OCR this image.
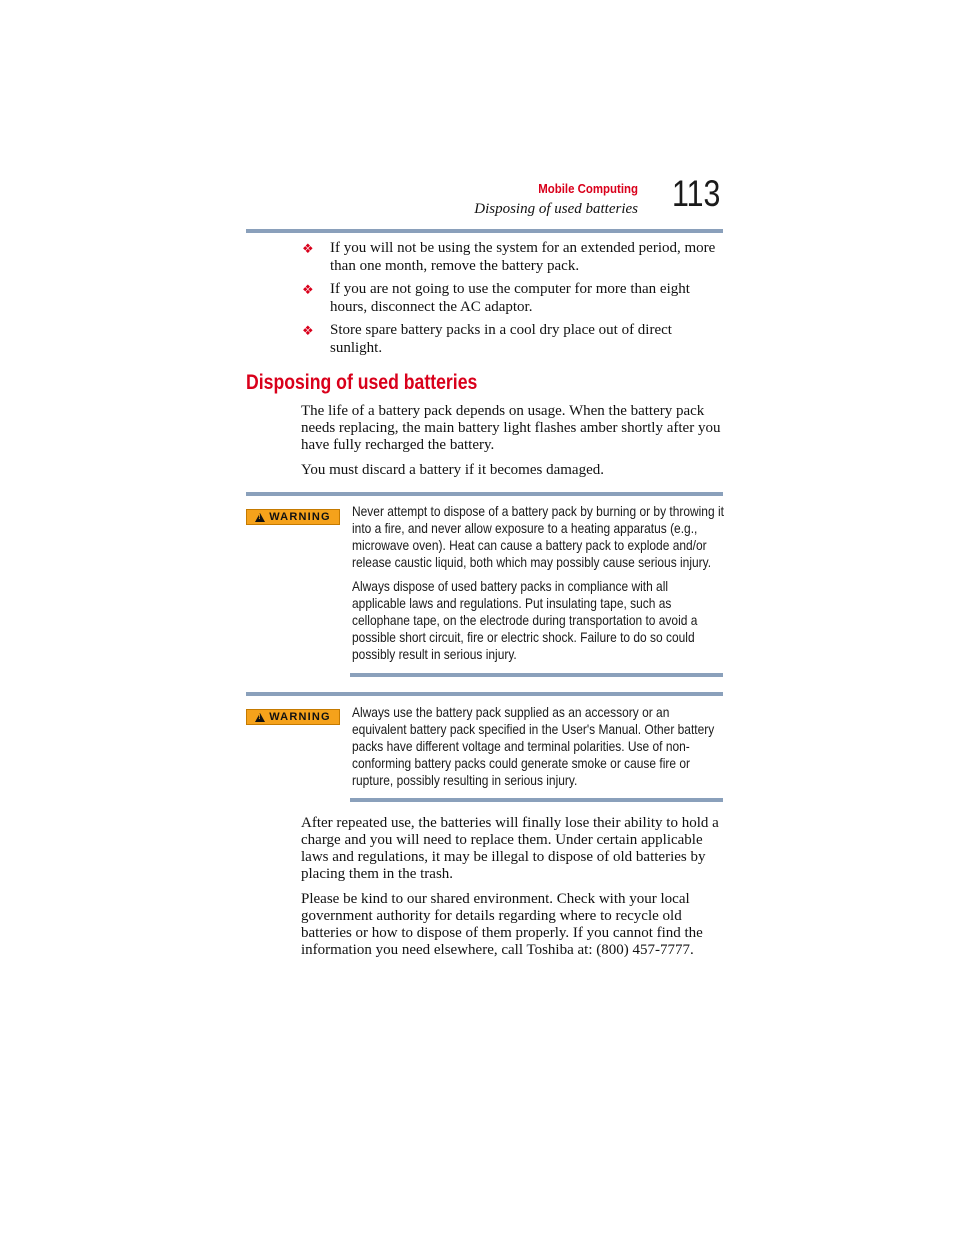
Mobile Computing
Disposing of used batteries 113
❖ If you will not be using the system for an extended period, more than one month, remove the battery pack.
❖ If you are not going to use the computer for more than eight hours, disconnect the AC adaptor.
❖ Store spare battery packs in a cool dry place out of direct sunlight.
Disposing of used batteries

The life of a battery pack depends on usage. When the battery pack needs replacing, the main battery light flashes amber shortly after you have fully recharged the battery.

You must discard a battery if it becomes damaged.

! WARNING Never attempt to dispose of a battery pack by burning or by throwing it into a fire, and never allow exposure to a heating apparatus (e.g., microwave oven). Heat can cause a battery pack to explode and/or release caustic liquid, both which may possibly cause serious injury.

Always dispose of used battery packs in compliance with all applicable laws and regulations. Put insulating tape, such as cellophane tape, on the electrode during transportation to avoid a possible short circuit, fire or electric shock. Failure to do so could possibly result in serious injury.

! WARNING Always use the battery pack supplied as an accessory or an equivalent battery pack specified in the User's Manual. Other battery packs have different voltage and terminal polarities. Use of non-conforming battery packs could generate smoke or cause fire or rupture, possibly resulting in serious injury.

After repeated use, the batteries will finally lose their ability to hold a charge and you will need to replace them. Under certain applicable laws and regulations, it may be illegal to dispose of old batteries by placing them in the trash.

Please be kind to our shared environment. Check with your local government authority for details regarding where to recycle old batteries or how to dispose of them properly. If you cannot find the information you need elsewhere, call Toshiba at: (800) 457-7777.
